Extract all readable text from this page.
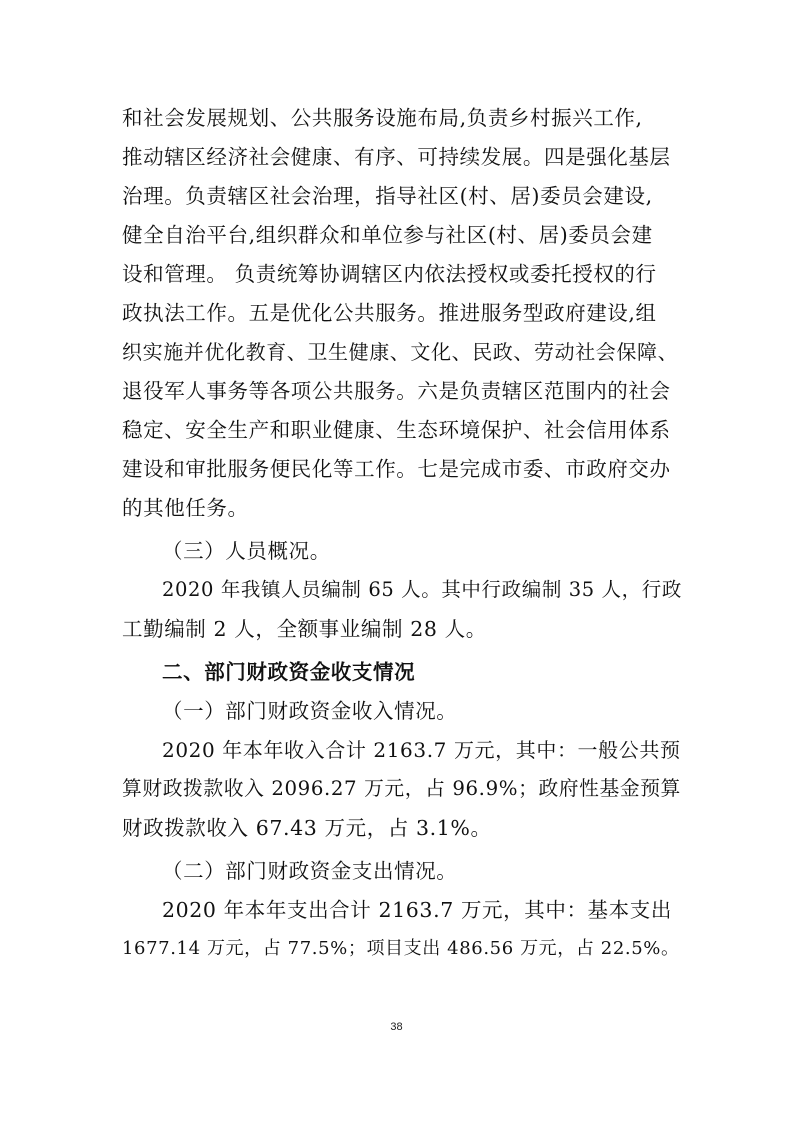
和社会发展规划、公共服务设施布局,负责乡村振兴工作,
推动辖区经济社会健康、有序、可持续发展。四是强化基层
治理。负责辖区社会治理，指导社区(村、居)委员会建设,
健全自治平台,组织群众和单位参与社区(村、居)委员会建
设和管理。 负责统筹协调辖区内依法授权或委托授权的行
政执法工作。五是优化公共服务。推进服务型政府建设,组
织实施并优化教育、卫生健康、文化、民政、劳动社会保障、
退役军人事务等各项公共服务。六是负责辖区范围内的社会
稳定、安全生产和职业健康、生态环境保护、社会信用体系
建设和审批服务便民化等工作。七是完成市委、市政府交办
的其他任务。
（三）人员概况。
2020 年我镇人员编制 65 人。其中行政编制 35 人，行政
工勤编制 2 人，全额事业编制 28 人。
二、部门财政资金收支情况
（一）部门财政资金收入情况。
2020 年本年收入合计 2163.7 万元，其中：一般公共预
算财政拨款收入 2096.27 万元，占 96.9%；政府性基金预算
财政拨款收入 67.43 万元，占 3.1%。
（二）部门财政资金支出情况。
2020 年本年支出合计 2163.7 万元，其中：基本支出
1677.14 万元，占 77.5%；项目支出 486.56 万元，占 22.5%。
38
